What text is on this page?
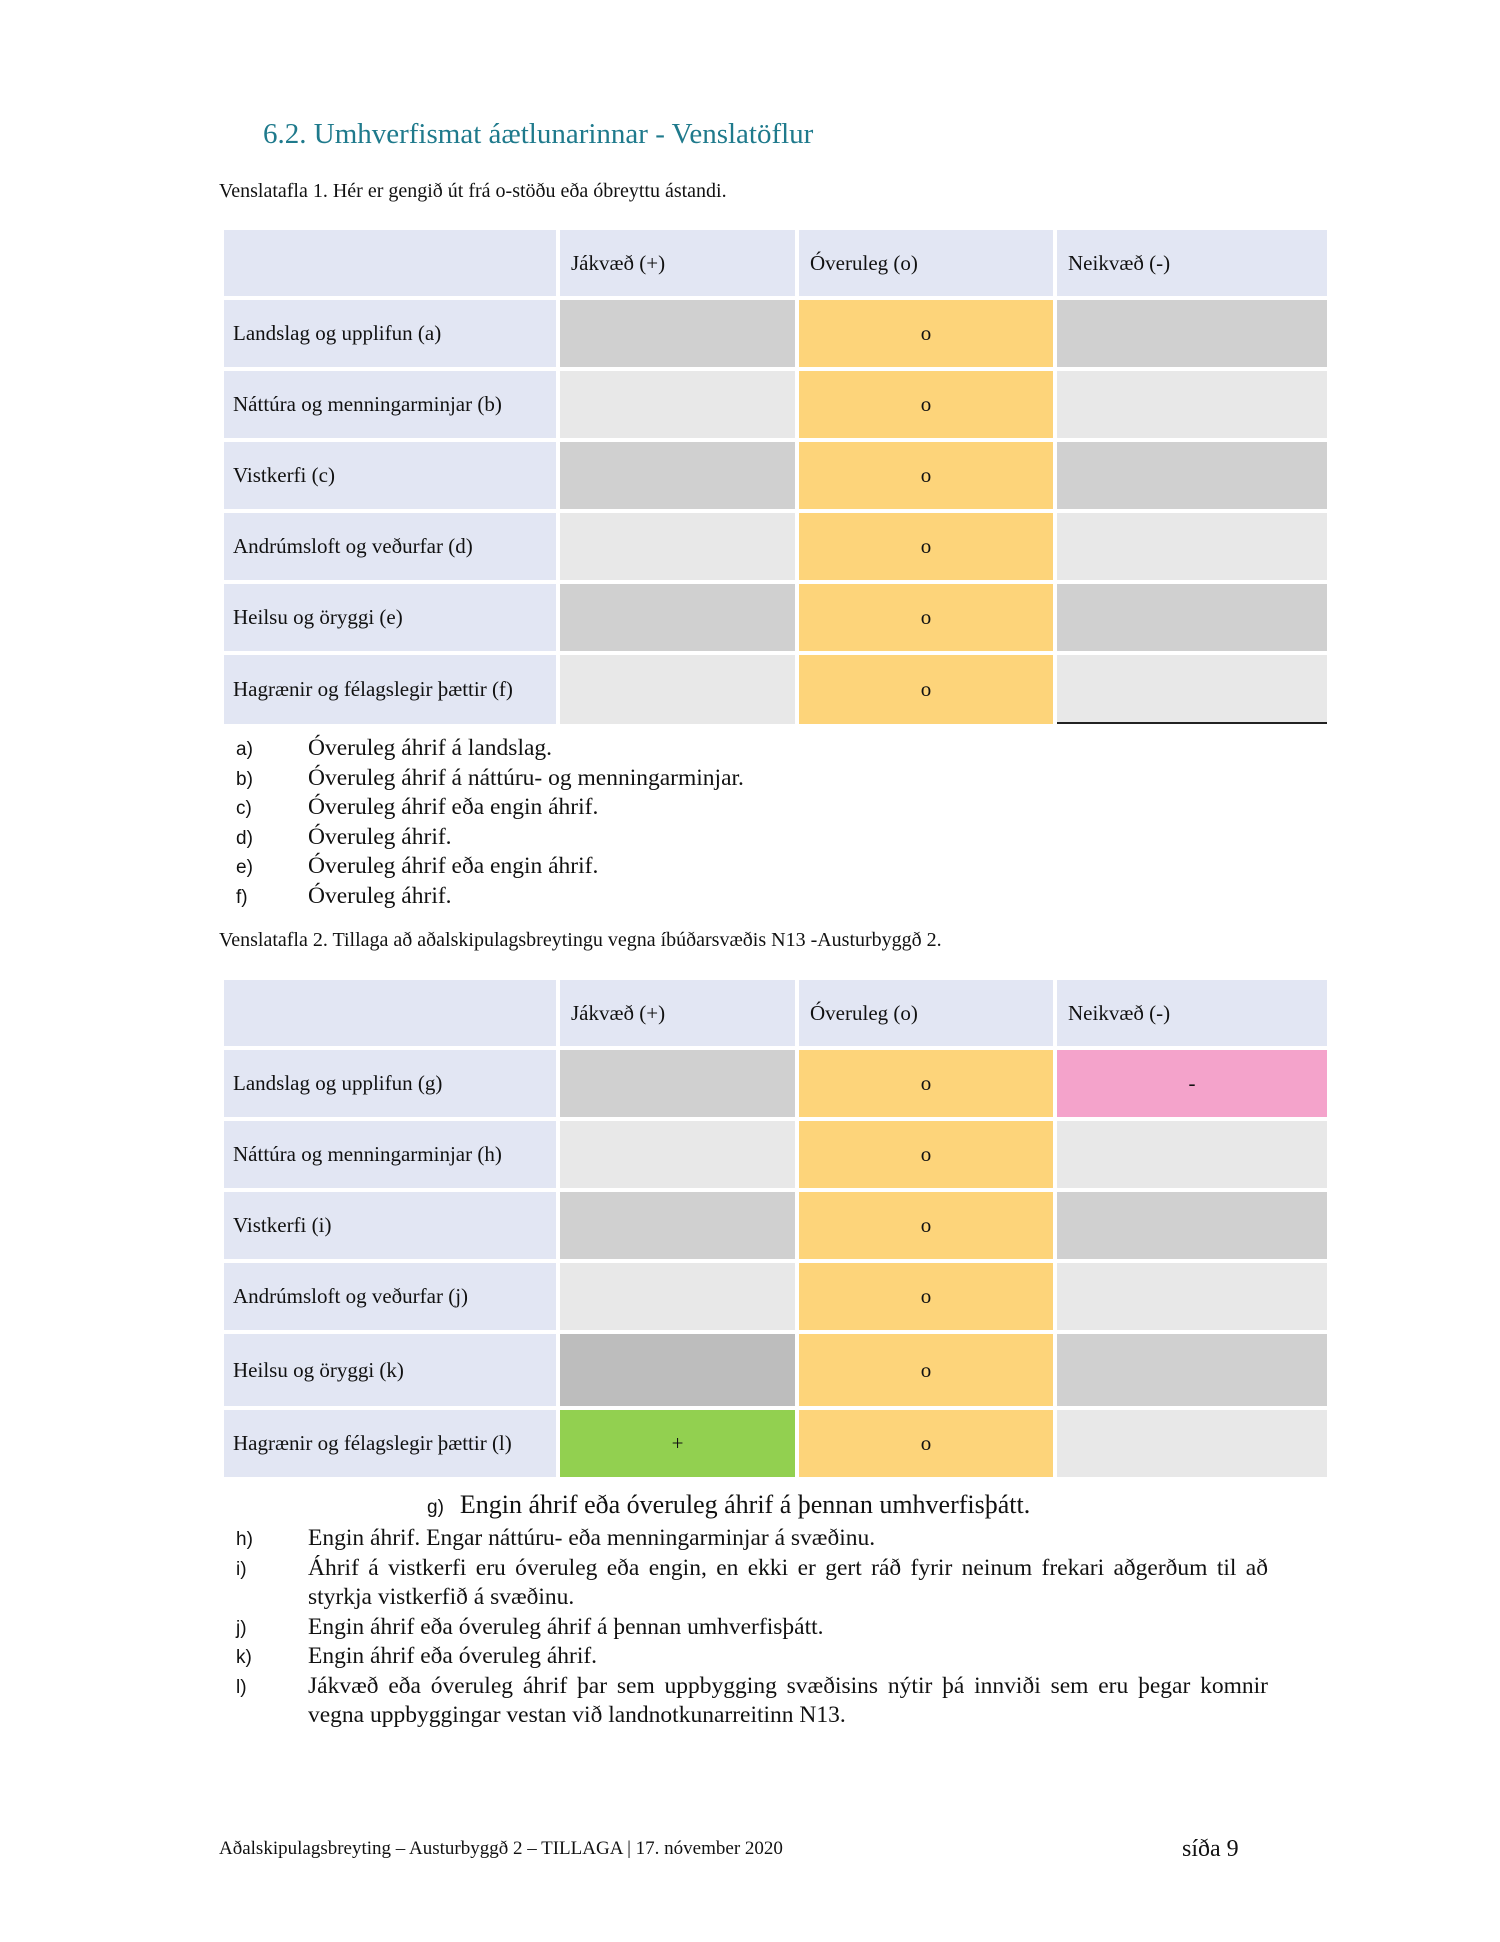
6.2. Umhverfismat áætlunarinnar - Venslatöflur
Venslatafla 1. Hér er gengið út frá o-stöðu eða óbreyttu ástandi.
	Jákvæð (+)	Óveruleg (o)	Neikvæð (-)
Landslag og upplifun (a)		o	
Náttúra og menningarminjar (b)		o	
Vistkerfi (c)		o	
Andrúmsloft og veðurfar (d)		o	
Heilsu og öryggi (e)		o	
Hagrænir og félagslegir þættir (f)		o	
a)	Óveruleg áhrif á landslag.
b)	Óveruleg áhrif á náttúru- og menningarminjar.
c)	Óveruleg áhrif eða engin áhrif.
d)	Óveruleg áhrif.
e)	Óveruleg áhrif eða engin áhrif.
f)	Óveruleg áhrif.
Venslatafla 2. Tillaga að aðalskipulagsbreytingu vegna íbúðarsvæðis N13 -Austurbyggð 2.
	Jákvæð (+)	Óveruleg (o)	Neikvæð (-)
Landslag og upplifun (g)		o	-
Náttúra og menningarminjar (h)		o	
Vistkerfi (i)		o	
Andrúmsloft og veðurfar (j)		o	
Heilsu og öryggi (k)		o	
Hagrænir og félagslegir þættir (l)	+	o	
g) Engin áhrif eða óveruleg áhrif á þennan umhverfisþátt.
h)	Engin áhrif. Engar náttúru- eða menningarminjar á svæðinu.
i)	Áhrif á vistkerfi eru óveruleg eða engin, en ekki er gert ráð fyrir neinum frekari aðgerðum til að styrkja vistkerfið á svæðinu.
j)	Engin áhrif eða óveruleg áhrif á þennan umhverfisþátt.
k)	Engin áhrif eða óveruleg áhrif.
l)	Jákvæð eða óveruleg áhrif þar sem uppbygging svæðisins nýtir þá innviði sem eru þegar komnir vegna uppbyggingar vestan við landnotkunarreitinn N13.
Aðalskipulagsbreyting – Austurbyggð 2 – TILLAGA | 17. nóvember 2020	síða 9
